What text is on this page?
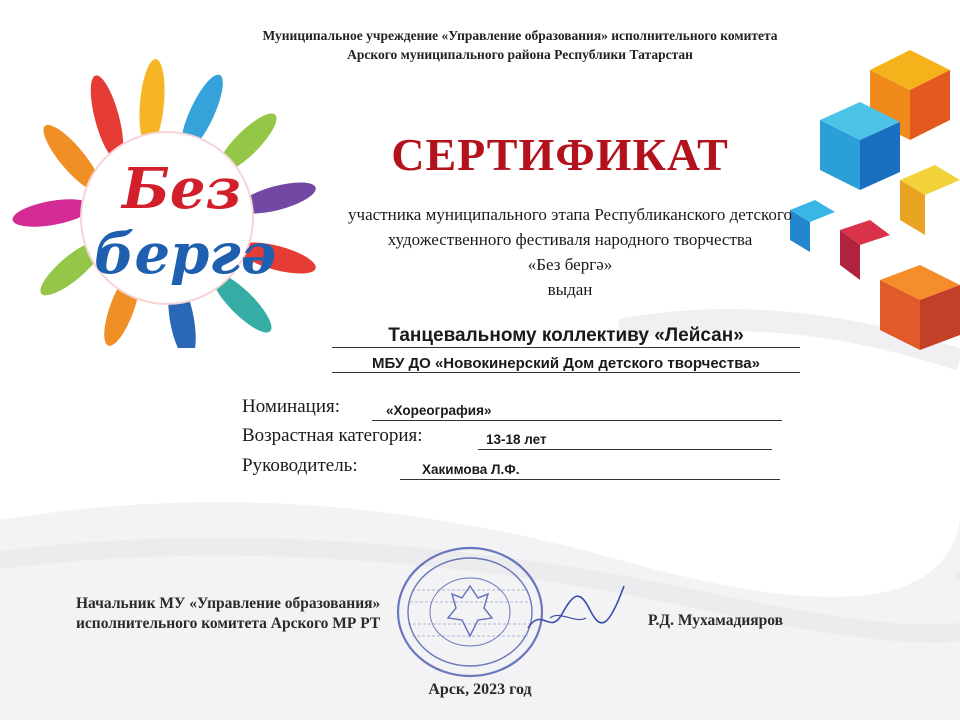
Без
бергә
Муниципальное учреждение «Управление образования» исполнительного комитета
Арского муниципального района Республики Татарстан
СЕРТИФИКАТ
участника муниципального этапа Республиканского детского
художественного фестиваля народного творчества
«Без бергә»
выдан
Танцевальному коллективу «Лейсан»
МБУ ДО «Новокинерский Дом детского творчества»
Номинация:	«Хореография»
Возрастная категория:	13-18 лет
Руководитель:	Хакимова Л.Ф.
Начальник МУ «Управление образования»
исполнительного комитета Арского МР РТ	Р.Д. Мухамадияров
Арск, 2023 год
